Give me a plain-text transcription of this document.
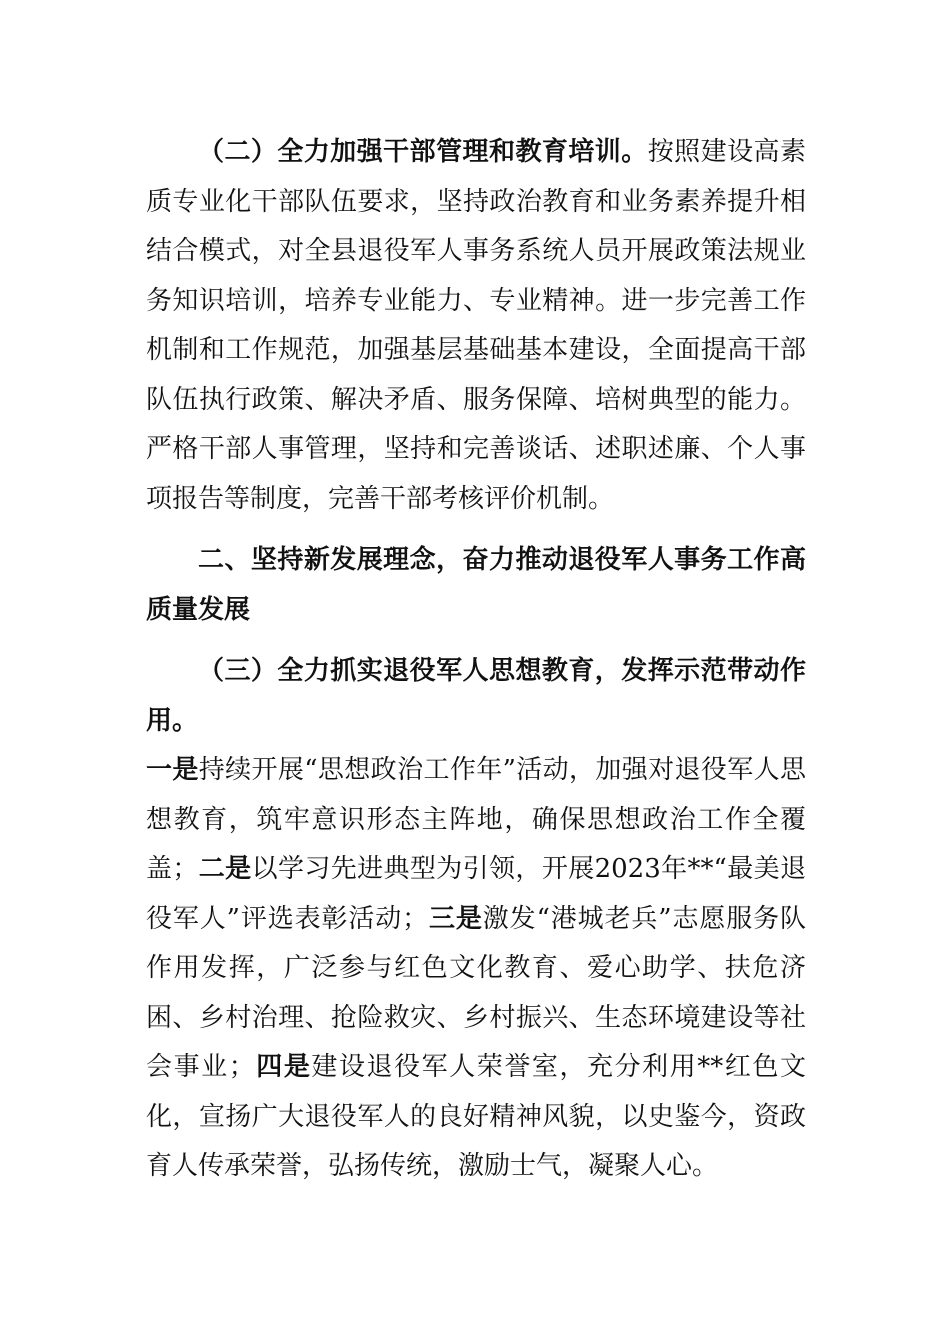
（二）全力加强干部管理和教育培训。按照建设高素质专业化干部队伍要求，坚持政治教育和业务素养提升相结合模式，对全县退役军人事务系统人员开展政策法规业务知识培训，培养专业能力、专业精神。进一步完善工作机制和工作规范，加强基层基础基本建设，全面提高干部队伍执行政策、解决矛盾、服务保障、培树典型的能力。严格干部人事管理，坚持和完善谈话、述职述廉、个人事项报告等制度，完善干部考核评价机制。

二、坚持新发展理念，奋力推动退役军人事务工作高质量发展

（三）全力抓实退役军人思想教育，发挥示范带动作用。
一是持续开展“思想政治工作年”活动，加强对退役军人思想教育，筑牢意识形态主阵地，确保思想政治工作全覆盖；二是以学习先进典型为引领，开展2023年**“最美退役军人”评选表彰活动；三是激发“港城老兵”志愿服务队作用发挥，广泛参与红色文化教育、爱心助学、扶危济困、乡村治理、抢险救灾、乡村振兴、生态环境建设等社会事业；四是建设退役军人荣誉室，充分利用**红色文化，宣扬广大退役军人的良好精神风貌，以史鉴今，资政育人传承荣誉，弘扬传统，激励士气，凝聚人心。
